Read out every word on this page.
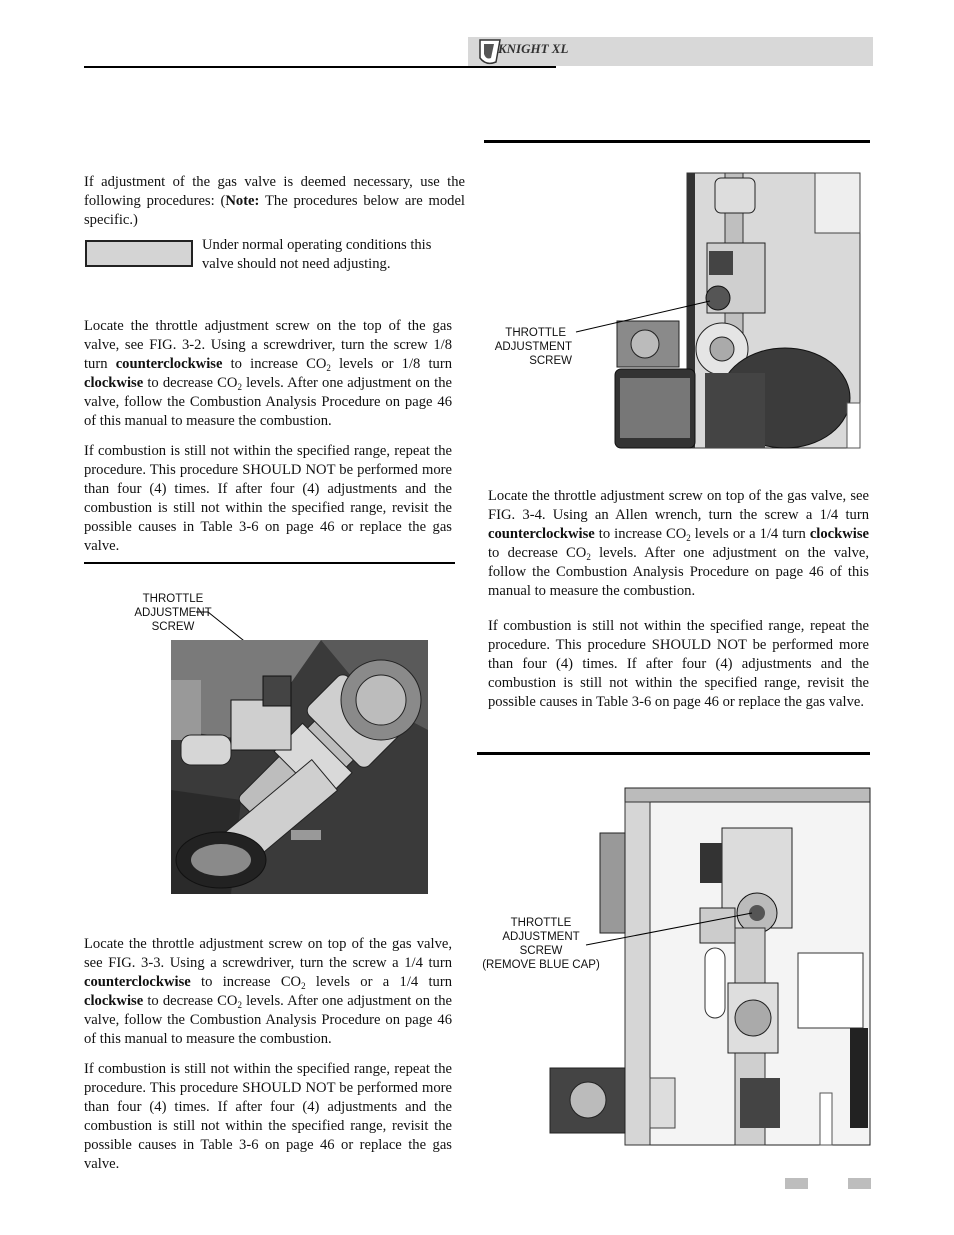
KNIGHT XL
If adjustment of the gas valve is deemed necessary, use the following procedures: (Note: The procedures below are model specific.)
Under normal operating conditions this valve should not need adjusting.
Locate the throttle adjustment screw on the top of the gas valve, see FIG. 3-2. Using a screwdriver, turn the screw 1/8 turn counterclockwise to increase $CO_2$ levels or 1/8 turn clockwise to decrease $CO_2$ levels. After one adjustment on the valve, follow the Combustion Analysis Procedure on page 46 of this manual to measure the combustion.
If combustion is still not within the specified range, repeat the procedure. This procedure SHOULD NOT be performed more than four (4) times. If after four (4) adjustments and the combustion is still not within the specified range, revisit the possible causes in Table 3-6 on page 46 or replace the gas valve.
THROTTLE ADJUSTMENT
SCREW
Locate the throttle adjustment screw on top of the gas valve, see FIG. 3-3. Using a screwdriver, turn the screw a 1/4 turn counterclockwise to increase $CO_2$ levels or a 1/4 turn clockwise to decrease $CO_2$ levels. After one adjustment on the valve, follow the Combustion Analysis Procedure on page 46 of this manual to measure the combustion.
If combustion is still not within the specified range, repeat the procedure. This procedure SHOULD NOT be performed more than four (4) times. If after four (4) adjustments and the combustion is still not within the specified range, revisit the possible causes in Table 3-6 on page 46 or replace the gas valve.
THROTTLE
ADJUSTMENT
SCREW
Locate the throttle adjustment screw on top of the gas valve, see FIG. 3-4. Using an Allen wrench, turn the screw a 1/4 turn counterclockwise to increase $CO_2$ levels or a 1/4 turn clockwise to decrease $CO_2$ levels. After one adjustment on the valve, follow the Combustion Analysis Procedure on page 46 of this manual to measure the combustion.
If combustion is still not within the specified range, repeat the procedure. This procedure SHOULD NOT be performed more than four (4) times. If after four (4) adjustments and the combustion is still not within the specified range, revisit the possible causes in Table 3-6 on page 46 or replace the gas valve.
THROTTLE
ADJUSTMENT
SCREW
(REMOVE BLUE CAP)
